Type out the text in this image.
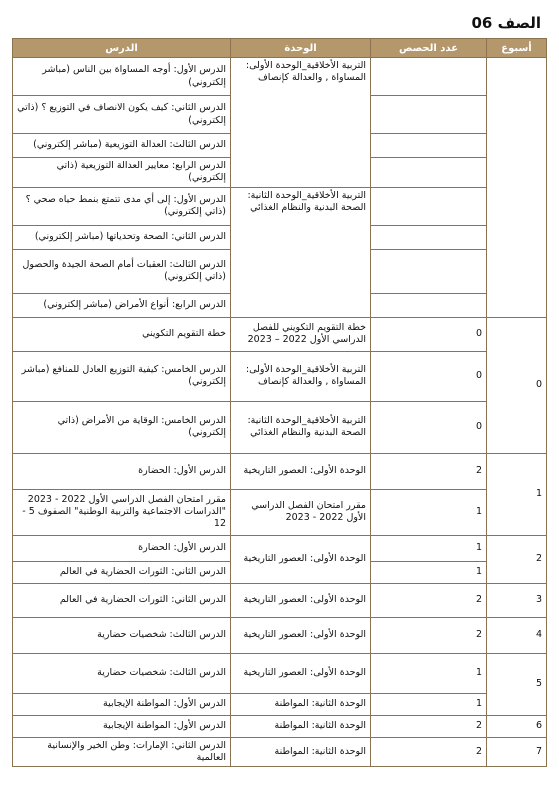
الصف 06
أسبوع	عدد الحصص	الوحدة	الدرس
		التربية الأخلاقية_الوحدة الأولى: المساواة , والعدالة كإنصاف	الدرس الأول: أوجه المساواة بين الناس (مباشر إلكتروني)
			الدرس الثاني: كيف يكون الانصاف في التوزيع ؟ (ذاتي إلكتروني)
			الدرس الثالث: العدالة التوزيعية (مباشر إلكتروني)
			الدرس الرابع: معايير العدالة التوزيعية (ذاتي إلكتروني)
		التربية الأخلاقية_الوحدة الثانية: الصحة البدنية والنظام الغذائي	الدرس الأول: إلى أي مدى تتمتع بنمط حياه صحي ؟ (ذاتي إلكتروني)
			الدرس الثاني: الصحة وتحدياتها (مباشر إلكتروني)
			الدرس الثالث: العقبات أمام الصحة الجيدة والحصول (ذاتي إلكتروني)
			الدرس الرابع: أنواع الأمراض (مباشر إلكتروني)
0	0	خطة التقويم التكويني للفصل الدراسي الأول 2022 – 2023	خطة التقويم التكويني
	0	التربية الأخلاقية_الوحدة الأولى: المساواة , والعدالة كإنصاف	الدرس الخامس: كيفية التوزيع العادل للمنافع (مباشر إلكتروني)
	0	التربية الأخلاقية_الوحدة الثانية: الصحة البدنية والنظام الغذائي	الدرس الخامس: الوقاية من الأمراض (ذاتي إلكتروني)
1	2	الوحدة الأولى: العصور التاريخية	الدرس الأول: الحضارة
	1	مقرر امتحان الفصل الدراسي الأول 2022 - 2023	مقرر امتحان الفصل الدراسي الأول 2022 - 2023 "الدراسات الاجتماعية والتربية الوطنية" الصفوف 5 - 12
2	1	الوحدة الأولى: العصور التاريخية	الدرس الأول: الحضارة
	1		الدرس الثاني: الثورات الحضارية في العالم
3	2	الوحدة الأولى: العصور التاريخية	الدرس الثاني: الثورات الحضارية في العالم
4	2	الوحدة الأولى: العصور التاريخية	الدرس الثالث: شخصيات حضارية
5	1	الوحدة الأولى: العصور التاريخية	الدرس الثالث: شخصيات حضارية
	1	الوحدة الثانية: المواطنة	الدرس الأول: المواطنة الإيجابية
6	2	الوحدة الثانية: المواطنة	الدرس الأول: المواطنة الإيجابية
7	2	الوحدة الثانية: المواطنة	الدرس الثاني: الإمارات: وطن الخير والإنسانية العالمية
